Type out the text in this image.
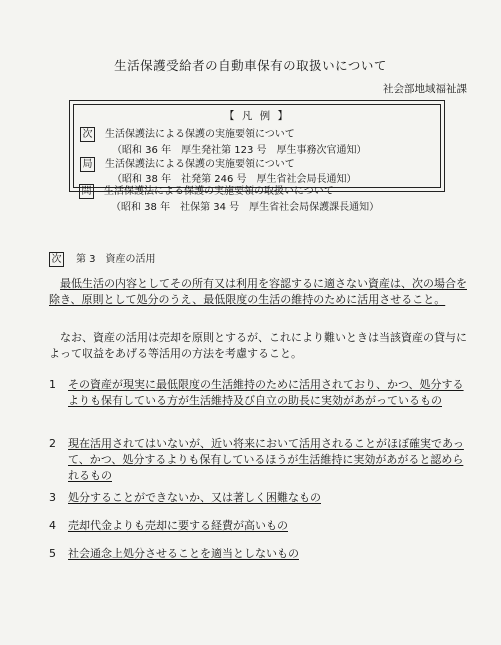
生活保護受給者の自動車保有の取扱いについて
社会部地域福祉課
【 凡 例 】
次 生活保護法による保護の実施要領について
（昭和 36 年　厚生発社第 123 号　厚生事務次官通知）
局 生活保護法による保護の実施要領について
（昭和 38 年　社発第 246 号　厚生省社会局長通知）
問 生活保護法による保護の実施要領の取扱いについて
（昭和 38 年　社保第 34 号　厚生省社会局保護課長通知）
次 第 3　資産の活用
最低生活の内容としてその所有又は利用を容認するに適さない資産は、次の場合を除き、原則として処分のうえ、最低限度の生活の維持のために活用させること。
なお、資産の活用は売却を原則とするが、これにより難いときは当該資産の貸与によって収益をあげる等活用の方法を考慮すること。
1 その資産が現実に最低限度の生活維持のために活用されており、かつ、処分するよりも保有している方が生活維持及び自立の助長に実効があがっているもの
2 現在活用されてはいないが、近い将来において活用されることがほぼ確実であって、かつ、処分するよりも保有しているほうが生活維持に実効があがると認められるもの
3 処分することができないか、又は著しく困難なもの
4 売却代金よりも売却に要する経費が高いもの
5 社会通念上処分させることを適当としないもの
